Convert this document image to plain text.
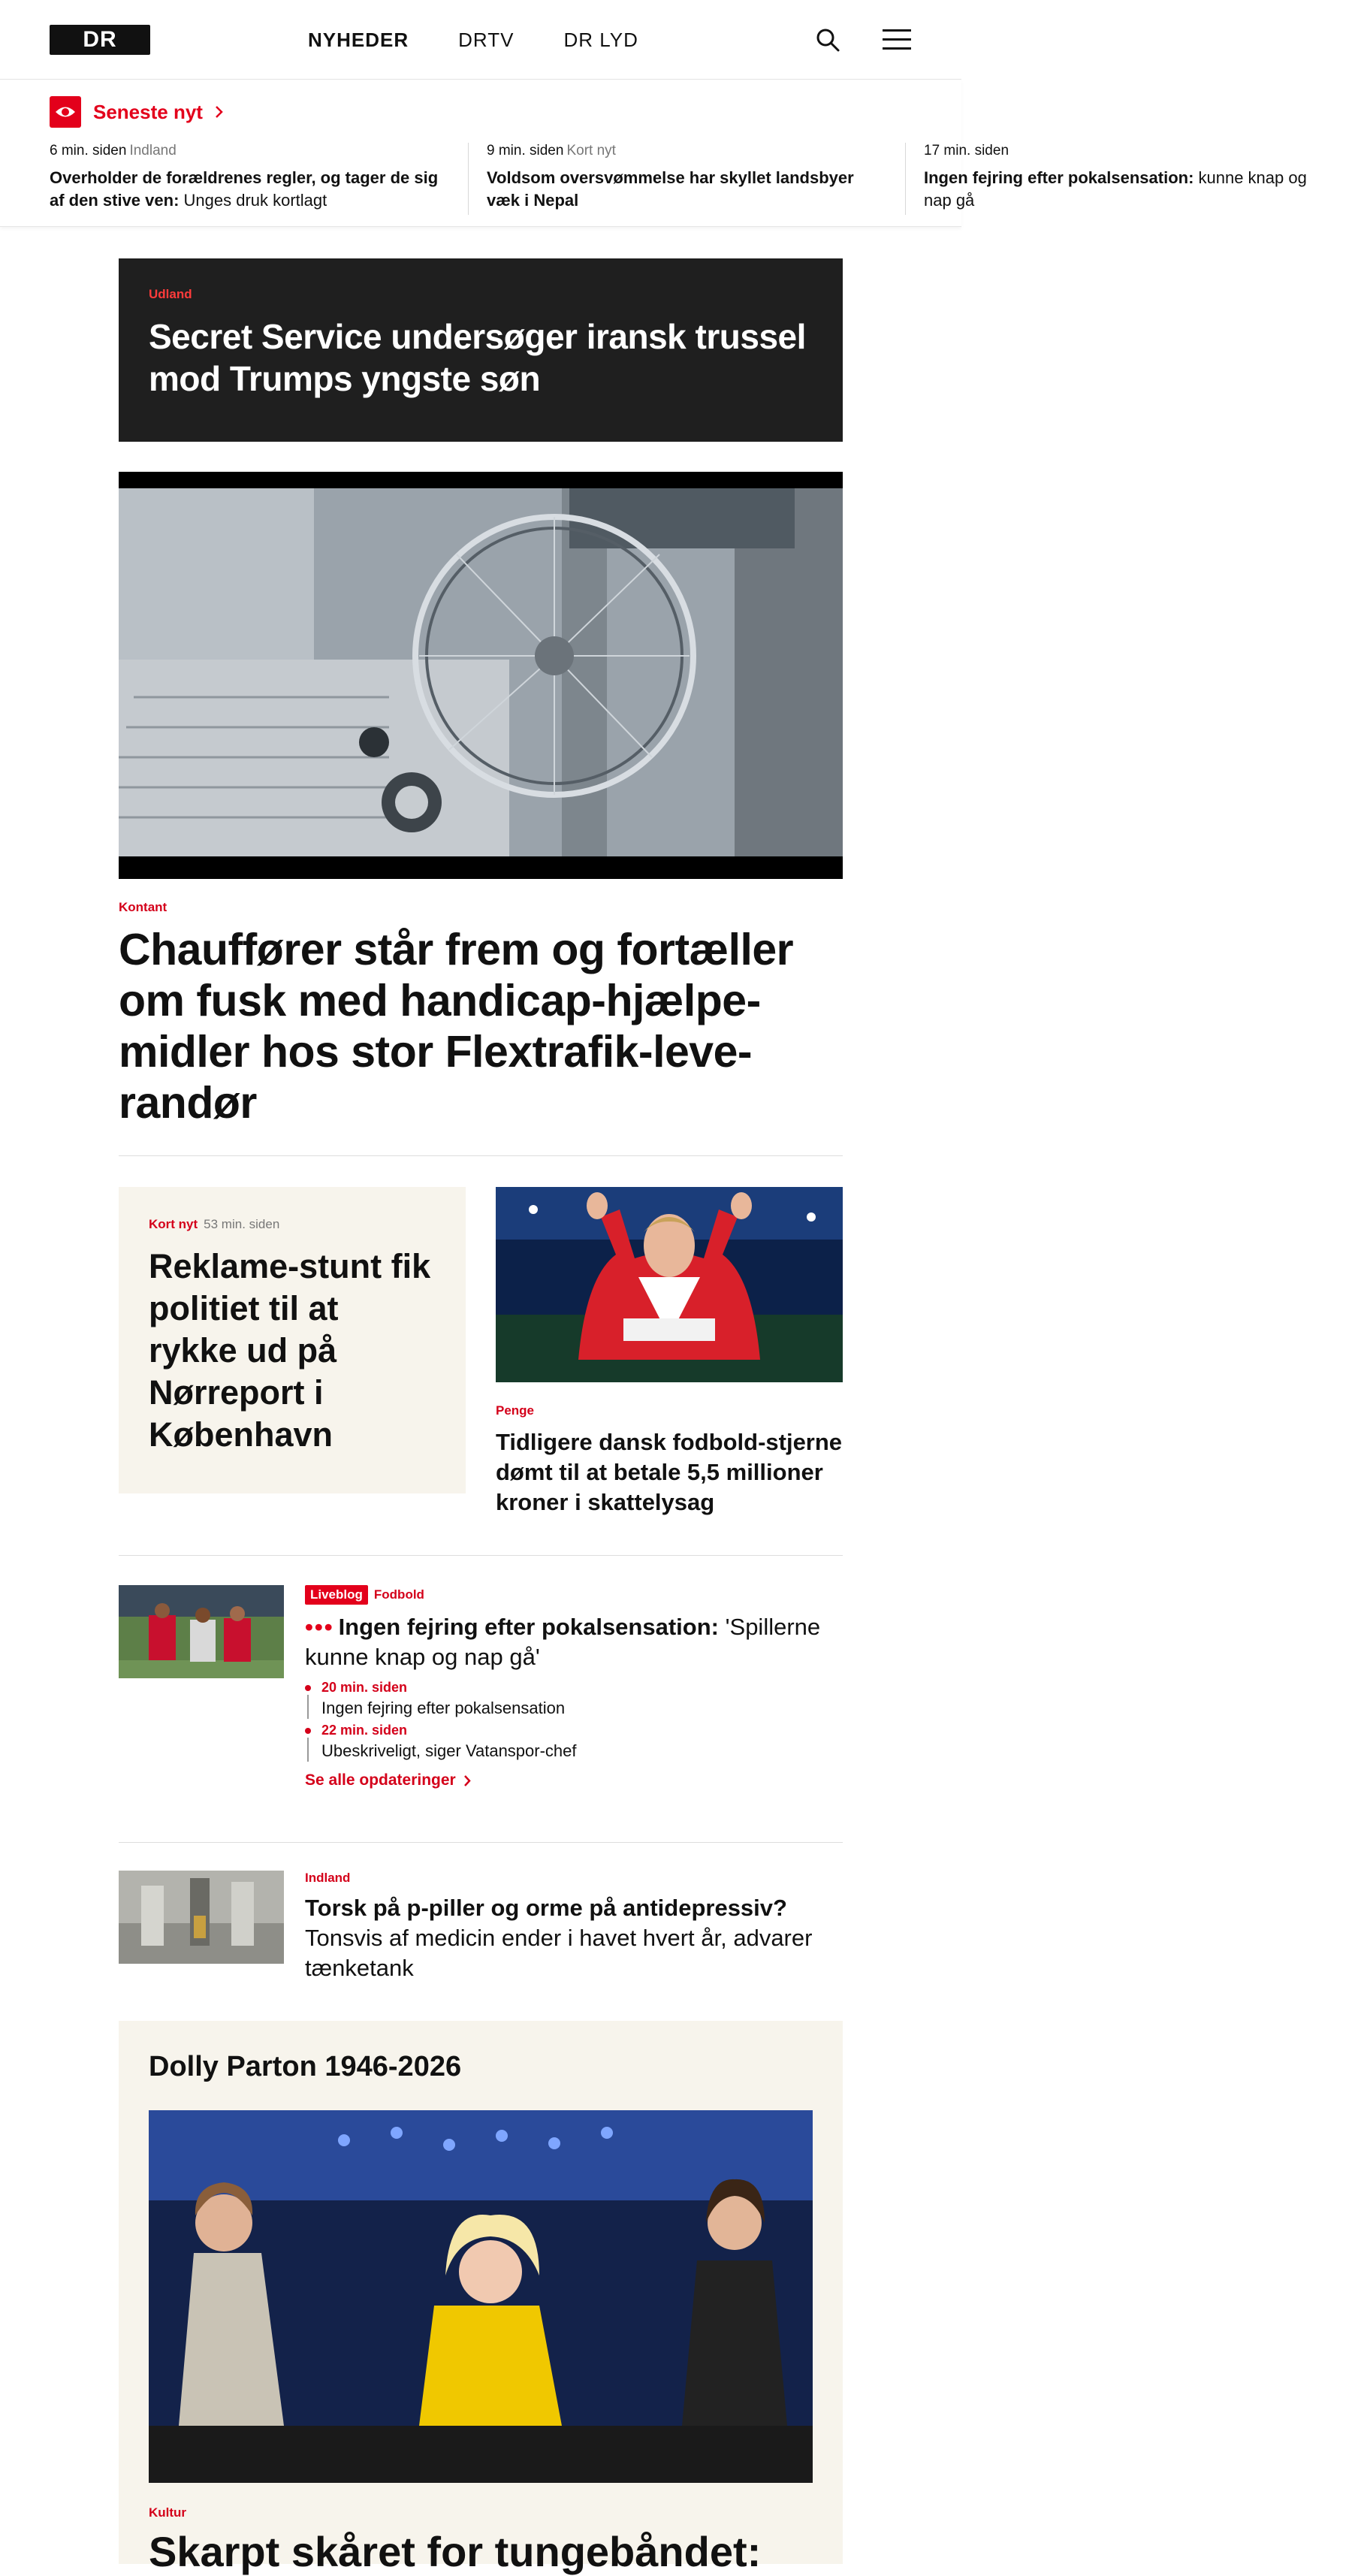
DR	NYHEDER	DRTV	DR LYD
Seneste nyt
6 min. siden Indland
Overholder de forældrenes regler, og tager de sig af den stive ven: Unges druk kortlagt
9 min. siden Kort nyt
Voldsom oversvømmelse har skyllet landsbyer væk i Nepal
17 min. siden
Ingen fejring efter pokalsensation: kunne knap og nap gå
Udland
Secret Service undersøger iransk trussel mod Trumps yngste søn
Kontant
Chauffører står frem og fortæller om fusk med handicap-hjælpe-midler hos stor Flextrafik-leve-randør
Kort nyt 53 min. siden
Reklame-stunt fik politiet til at rykke ud på Nørreport i København
Penge
Tidligere dansk fodbold-stjerne dømt til at betale 5,5 millioner kroner i skattelysag
Liveblog Fodbold
••• Ingen fejring efter pokalsensation: 'Spillerne kunne knap og nap gå'
20 min. siden
Ingen fejring efter pokalsensation
22 min. siden
Ubeskriveligt, siger Vatanspor-chef
Se alle opdateringer
Indland
Torsk på p-piller og orme på antidepressiv? Tonsvis af medicin ender i havet hvert år, advarer tænketank
Dolly Parton 1946-2026
Kultur
Skarpt skåret for tungebåndet:
